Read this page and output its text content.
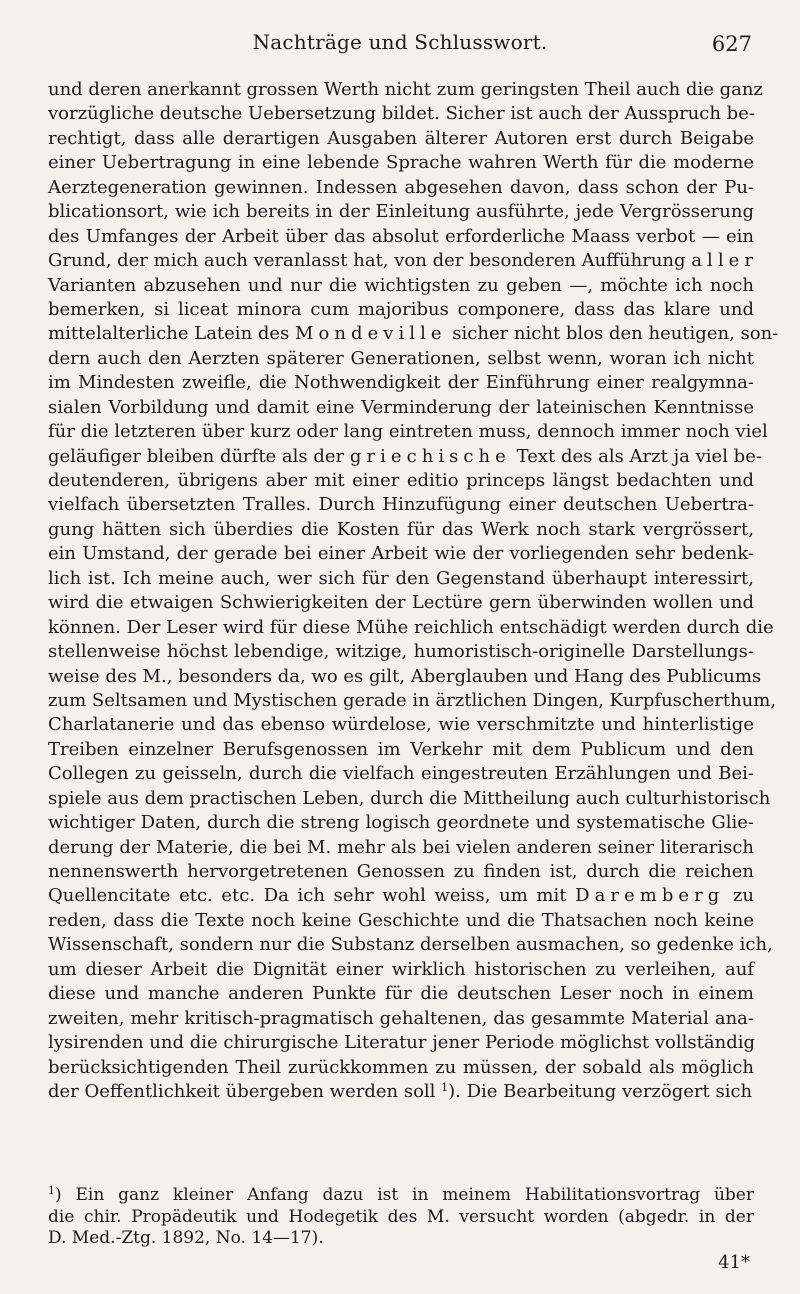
Nachträge und Schlusswort.	627
und deren anerkannt grossen Werth nicht zum geringsten Theil auch die ganz
vorzügliche deutsche Uebersetzung bildet. Sicher ist auch der Ausspruch be-
rechtigt, dass alle derartigen Ausgaben älterer Autoren erst durch Beigabe
einer Uebertragung in eine lebende Sprache wahren Werth für die moderne
Aerztegeneration gewinnen. Indessen abgesehen davon, dass schon der Pu-
blicationsort, wie ich bereits in der Einleitung ausführte, jede Vergrösserung
des Umfanges der Arbeit über das absolut erforderliche Maass verbot — ein
Grund, der mich auch veranlasst hat, von der besonderen Aufführung aller
Varianten abzusehen und nur die wichtigsten zu geben —, möchte ich noch
bemerken, si liceat minora cum majoribus componere, dass das klare und
mittelalterliche Latein des Mondeville sicher nicht blos den heutigen, son-
dern auch den Aerzten späterer Generationen, selbst wenn, woran ich nicht
im Mindesten zweifle, die Nothwendigkeit der Einführung einer realgymna-
sialen Vorbildung und damit eine Verminderung der lateinischen Kenntnisse
für die letzteren über kurz oder lang eintreten muss, dennoch immer noch viel
geläufiger bleiben dürfte als der griechische Text des als Arzt ja viel be-
deutenderen, übrigens aber mit einer editio princeps längst bedachten und
vielfach übersetzten Tralles. Durch Hinzufügung einer deutschen Uebertra-
gung hätten sich überdies die Kosten für das Werk noch stark vergrössert,
ein Umstand, der gerade bei einer Arbeit wie der vorliegenden sehr bedenk-
lich ist. Ich meine auch, wer sich für den Gegenstand überhaupt interessirt,
wird die etwaigen Schwierigkeiten der Lectüre gern überwinden wollen und
können. Der Leser wird für diese Mühe reichlich entschädigt werden durch die
stellenweise höchst lebendige, witzige, humoristisch-originelle Darstellungs-
weise des M., besonders da, wo es gilt, Aberglauben und Hang des Publicums
zum Seltsamen und Mystischen gerade in ärztlichen Dingen, Kurpfuscherthum,
Charlatanerie und das ebenso würdelose, wie verschmitzte und hinterlistige
Treiben einzelner Berufsgenossen im Verkehr mit dem Publicum und den
Collegen zu geisseln, durch die vielfach eingestreuten Erzählungen und Bei-
spiele aus dem practischen Leben, durch die Mittheilung auch culturhistorisch
wichtiger Daten, durch die streng logisch geordnete und systematische Glie-
derung der Materie, die bei M. mehr als bei vielen anderen seiner literarisch
nennenswerth hervorgetretenen Genossen zu finden ist, durch die reichen
Quellencitate etc. etc. Da ich sehr wohl weiss, um mit Daremberg zu
reden, dass die Texte noch keine Geschichte und die Thatsachen noch keine
Wissenschaft, sondern nur die Substanz derselben ausmachen, so gedenke ich,
um dieser Arbeit die Dignität einer wirklich historischen zu verleihen, auf
diese und manche anderen Punkte für die deutschen Leser noch in einem
zweiten, mehr kritisch-pragmatisch gehaltenen, das gesammte Material ana-
lysirenden und die chirurgische Literatur jener Periode möglichst vollständig
berücksichtigenden Theil zurückkommen zu müssen, der sobald als möglich
der Oeffentlichkeit übergeben werden soll $^1$). Die Bearbeitung verzögert sich
$^1$) Ein ganz kleiner Anfang dazu ist in meinem Habilitationsvortrag über
die chir. Propädeutik und Hodegetik des M. versucht worden (abgedr. in der
D. Med.-Ztg. 1892, No. 14—17).
41*
